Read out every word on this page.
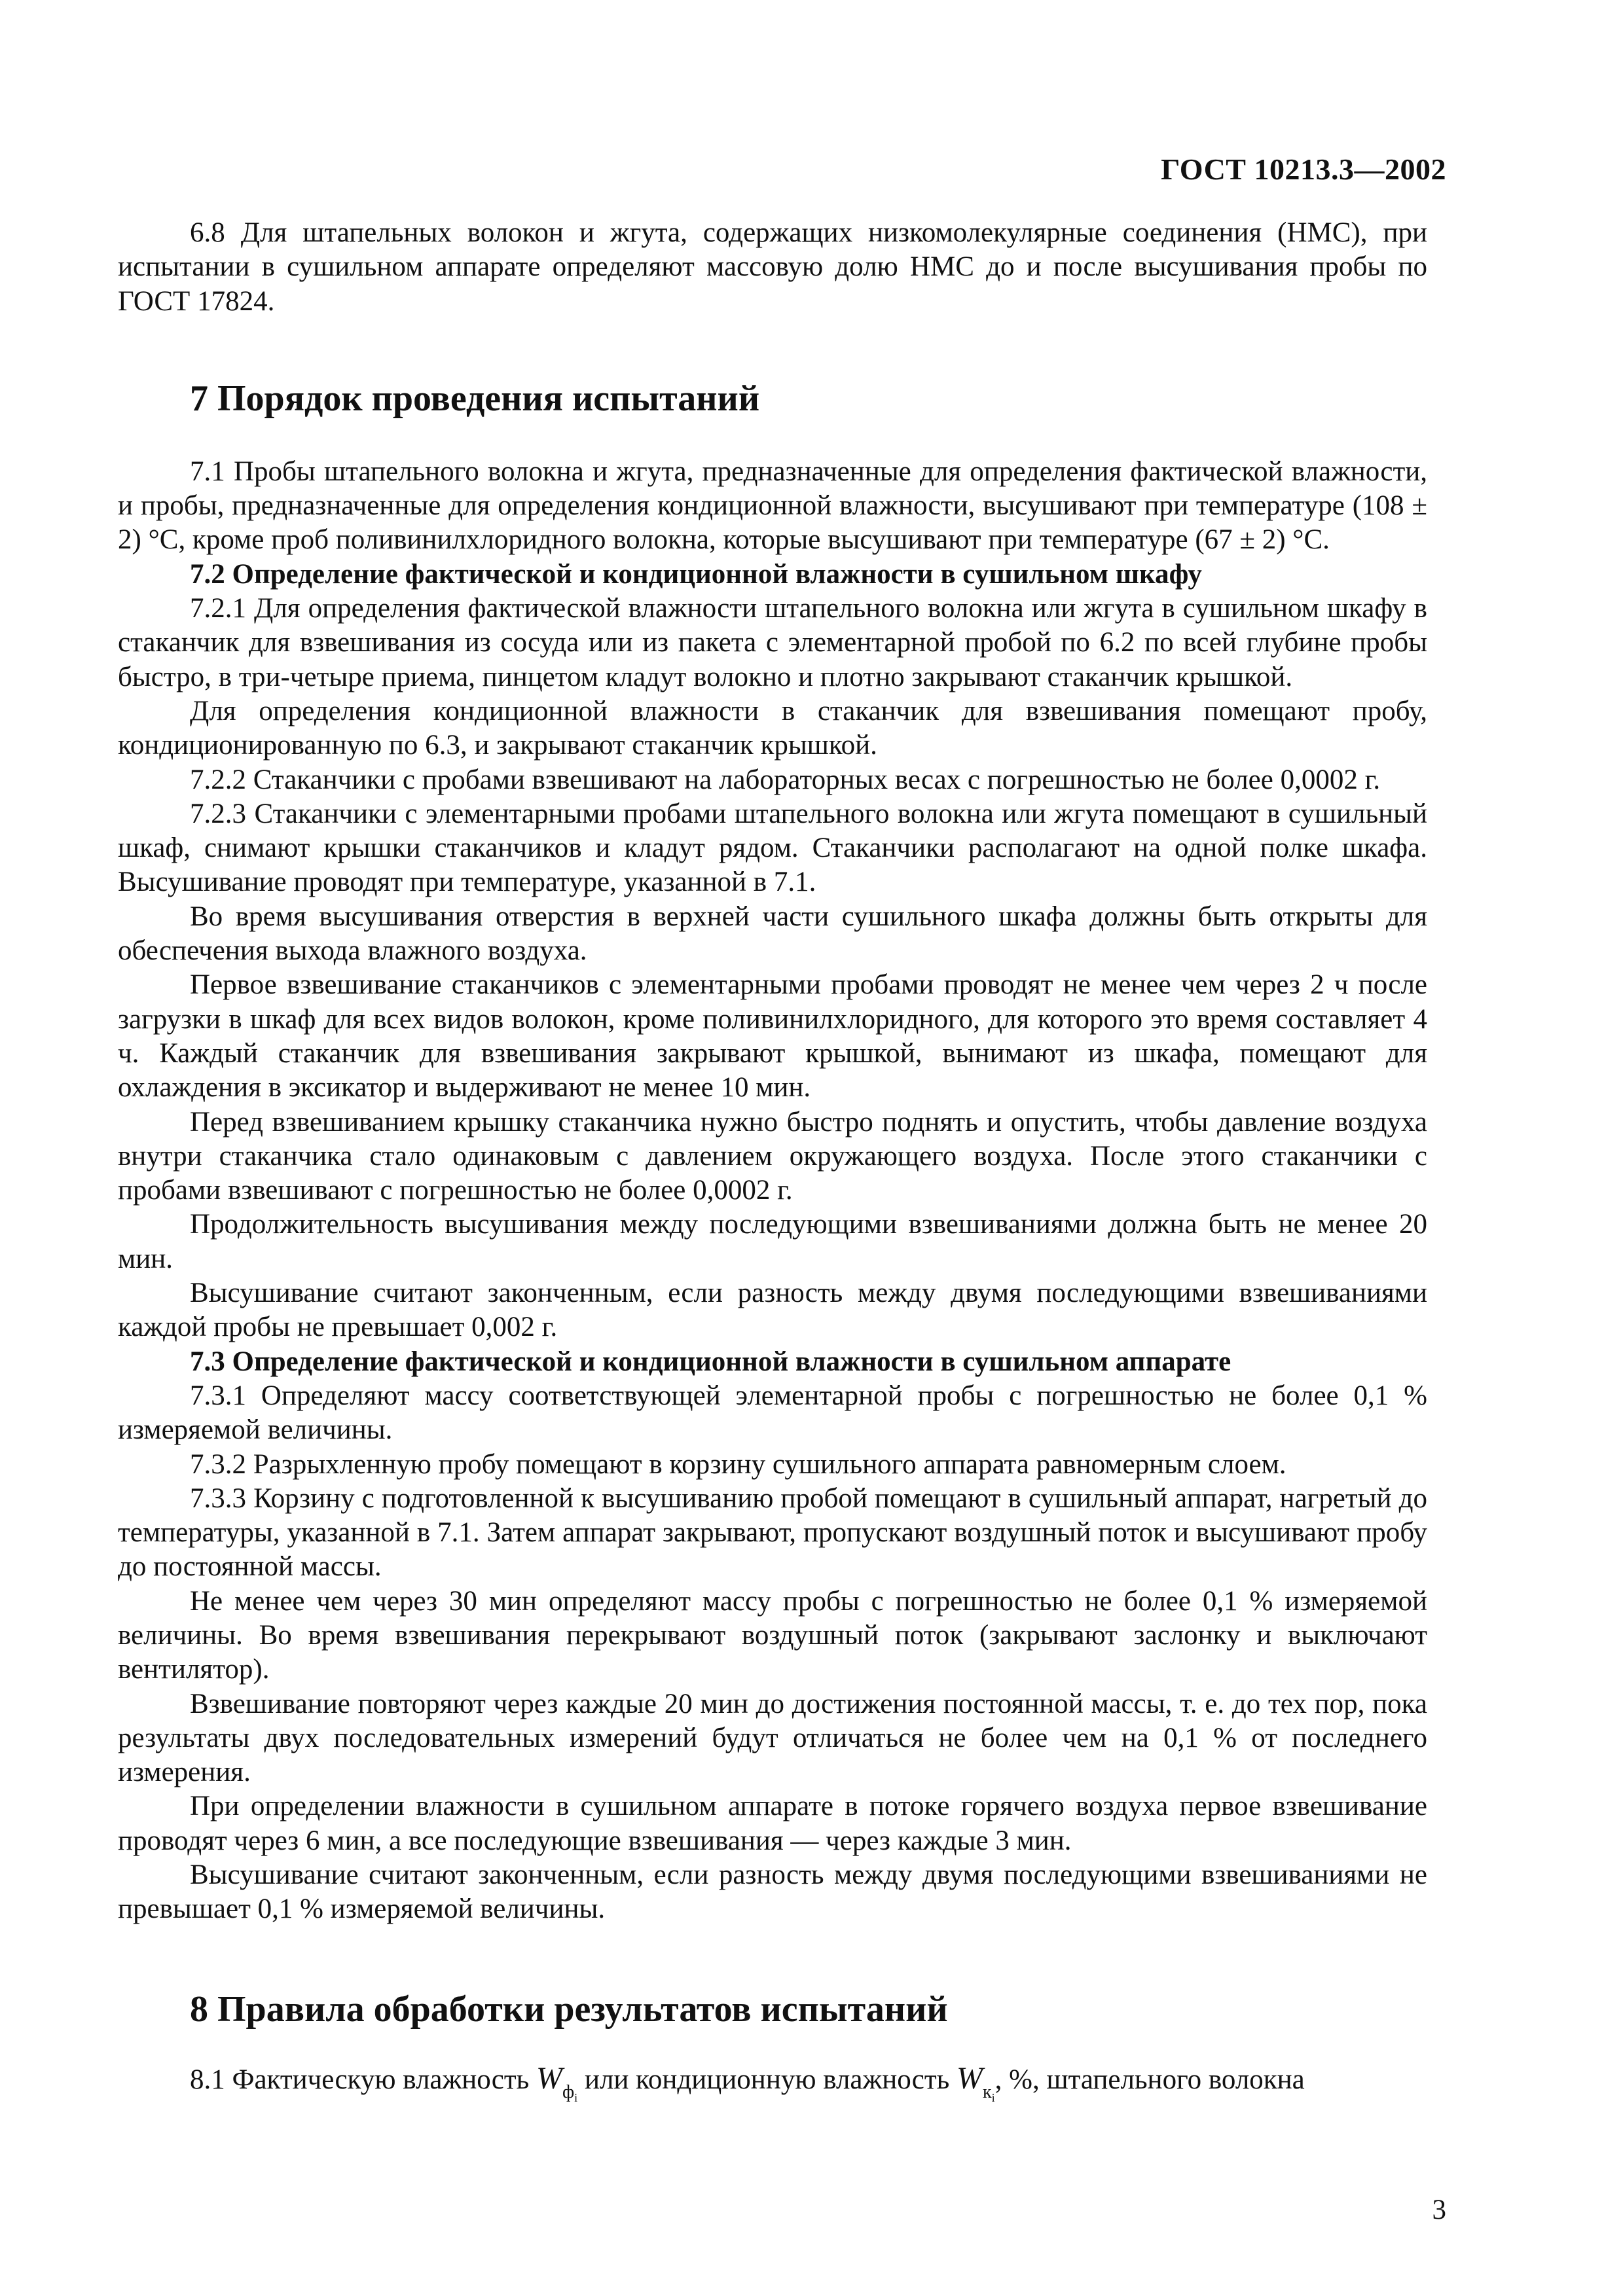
ГОСТ 10213.3—2002

6.8 Для штапельных волокон и жгута, содержащих низкомолекулярные соединения (НМС), при испытании в сушильном аппарате определяют массовую долю НМС до и после высушивания пробы по ГОСТ 17824.

7 Порядок проведения испытаний

7.1 Пробы штапельного волокна и жгута, предназначенные для определения фактической влажности, и пробы, предназначенные для определения кондиционной влажности, высушивают при температуре (108 ± 2) °С, кроме проб поливинилхлоридного волокна, которые высушивают при температуре (67 ± 2) °С.

7.2 Определение фактической и кондиционной влажности в сушильном шкафу

7.2.1 Для определения фактической влажности штапельного волокна или жгута в сушильном шкафу в стаканчик для взвешивания из сосуда или из пакета с элементарной пробой по 6.2 по всей глубине пробы быстро, в три-четыре приема, пинцетом кладут волокно и плотно закрывают стаканчик крышкой.

Для определения кондиционной влажности в стаканчик для взвешивания помещают пробу, кондиционированную по 6.3, и закрывают стаканчик крышкой.

7.2.2 Стаканчики с пробами взвешивают на лабораторных весах с погрешностью не более 0,0002 г.

7.2.3 Стаканчики с элементарными пробами штапельного волокна или жгута помещают в сушильный шкаф, снимают крышки стаканчиков и кладут рядом. Стаканчики располагают на одной полке шкафа. Высушивание проводят при температуре, указанной в 7.1.

Во время высушивания отверстия в верхней части сушильного шкафа должны быть открыты для обеспечения выхода влажного воздуха.

Первое взвешивание стаканчиков с элементарными пробами проводят не менее чем через 2 ч после загрузки в шкаф для всех видов волокон, кроме поливинилхлоридного, для которого это время составляет 4 ч. Каждый стаканчик для взвешивания закрывают крышкой, вынимают из шкафа, помещают для охлаждения в эксикатор и выдерживают не менее 10 мин.

Перед взвешиванием крышку стаканчика нужно быстро поднять и опустить, чтобы давление воздуха внутри стаканчика стало одинаковым с давлением окружающего воздуха. После этого стаканчики с пробами взвешивают с погрешностью не более 0,0002 г.

Продолжительность высушивания между последующими взвешиваниями должна быть не менее 20 мин.

Высушивание считают законченным, если разность между двумя последующими взвешиваниями каждой пробы не превышает 0,002 г.

7.3 Определение фактической и кондиционной влажности в сушильном аппарате

7.3.1 Определяют массу соответствующей элементарной пробы с погрешностью не более 0,1 % измеряемой величины.

7.3.2 Разрыхленную пробу помещают в корзину сушильного аппарата равномерным слоем.

7.3.3 Корзину с подготовленной к высушиванию пробой помещают в сушильный аппарат, нагретый до температуры, указанной в 7.1. Затем аппарат закрывают, пропускают воздушный поток и высушивают пробу до постоянной массы.

Не менее чем через 30 мин определяют массу пробы с погрешностью не более 0,1 % измеряемой величины. Во время взвешивания перекрывают воздушный поток (закрывают заслонку и выключают вентилятор).

Взвешивание повторяют через каждые 20 мин до достижения постоянной массы, т. е. до тех пор, пока результаты двух последовательных измерений будут отличаться не более чем на 0,1 % от последнего измерения.

При определении влажности в сушильном аппарате в потоке горячего воздуха первое взвешивание проводят через 6 мин, а все последующие взвешивания — через каждые 3 мин.

Высушивание считают законченным, если разность между двумя последующими взвешиваниями не превышает 0,1 % измеряемой величины.

8 Правила обработки результатов испытаний

8.1 Фактическую влажность $W_{ф_i}$ или кондиционную влажность $W_{к_i}$, %, штапельного волокна

3
